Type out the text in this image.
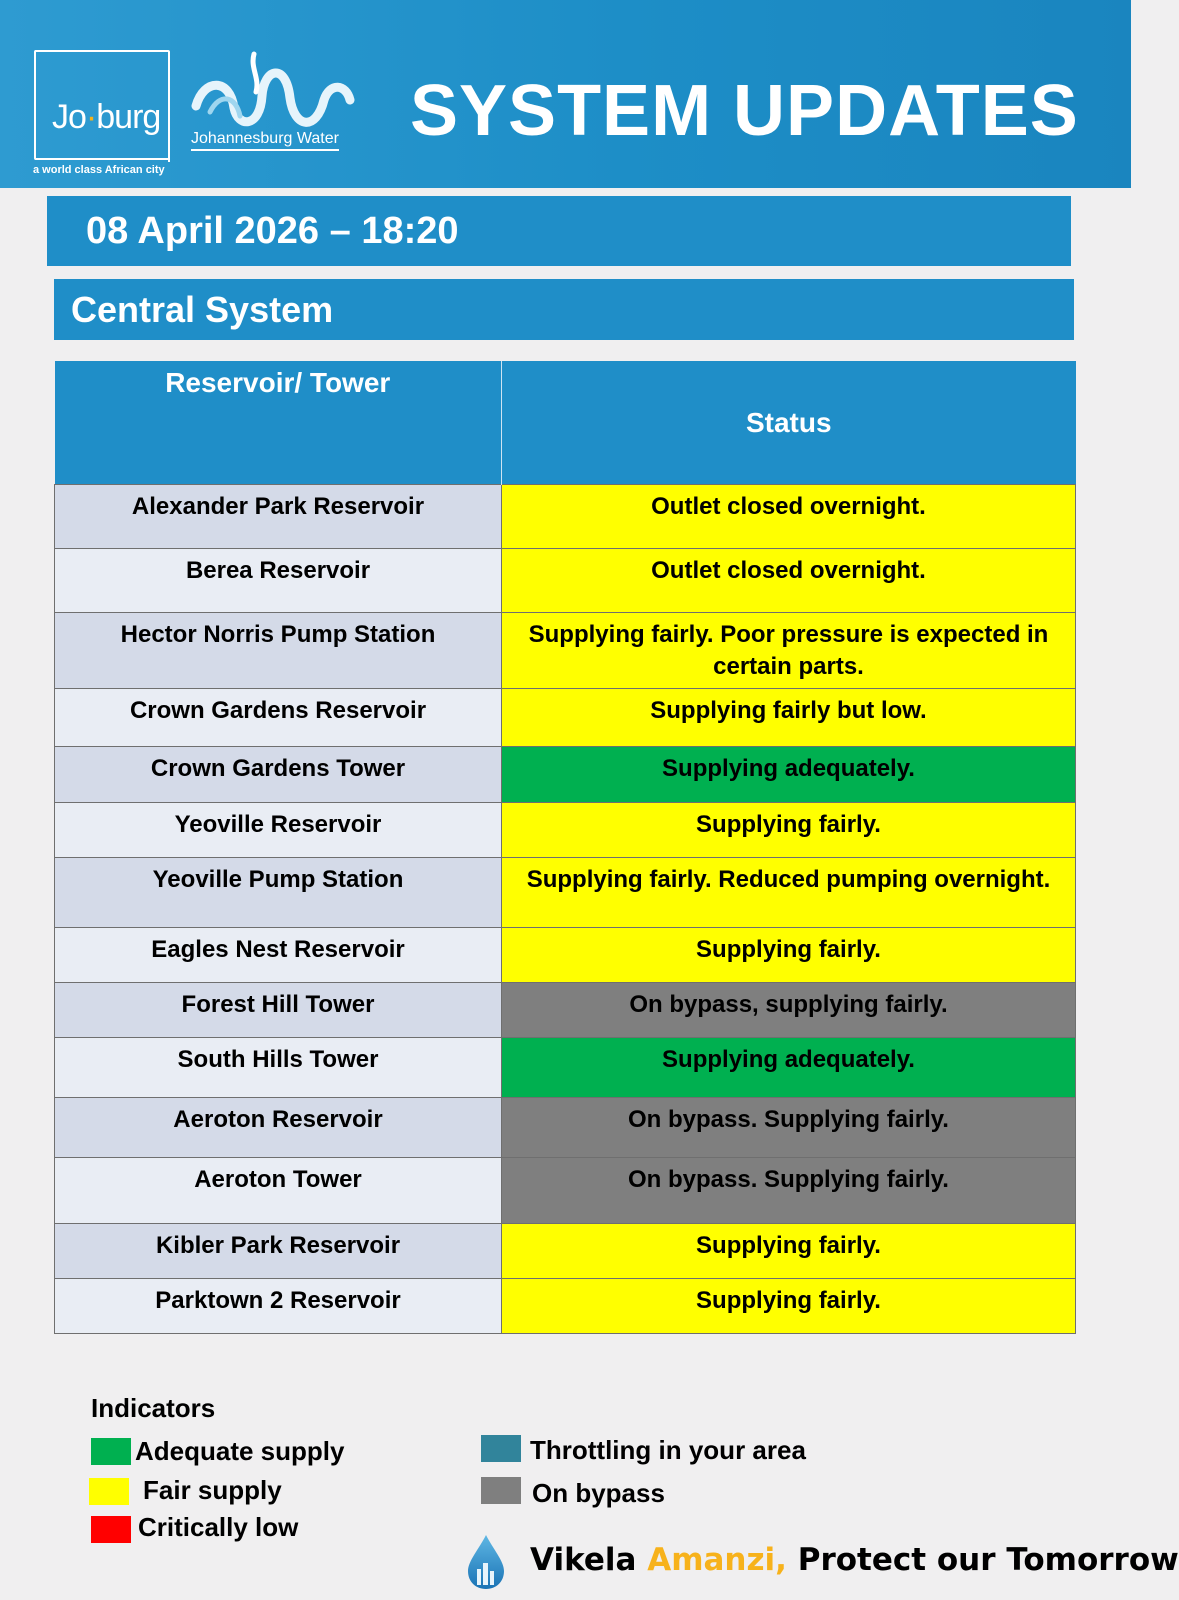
Jo·burg
a world class African city
Johannesburg Water SYSTEM UPDATES
08 April 2026 – 18:20
Central System
Reservoir/ Tower	Status
Alexander Park Reservoir	Outlet closed overnight.
Berea Reservoir	Outlet closed overnight.
Hector Norris Pump Station	Supplying fairly. Poor pressure is expected in certain parts.
Crown Gardens Reservoir	Supplying fairly but low.
Crown Gardens Tower	Supplying adequately.
Yeoville Reservoir	Supplying fairly.
Yeoville Pump Station	Supplying fairly. Reduced pumping overnight.
Eagles Nest Reservoir	Supplying fairly.
Forest Hill Tower	On bypass, supplying fairly.
South Hills Tower	Supplying adequately.
Aeroton Reservoir	On bypass. Supplying fairly.
Aeroton Tower	On bypass. Supplying fairly.
Kibler Park Reservoir	Supplying fairly.
Parktown 2 Reservoir	Supplying fairly.
Indicators
Adequate supply
Fair supply
Critically low
Throttling in your area
On bypass
Vikela Amanzi, Protect our Tomorrow
